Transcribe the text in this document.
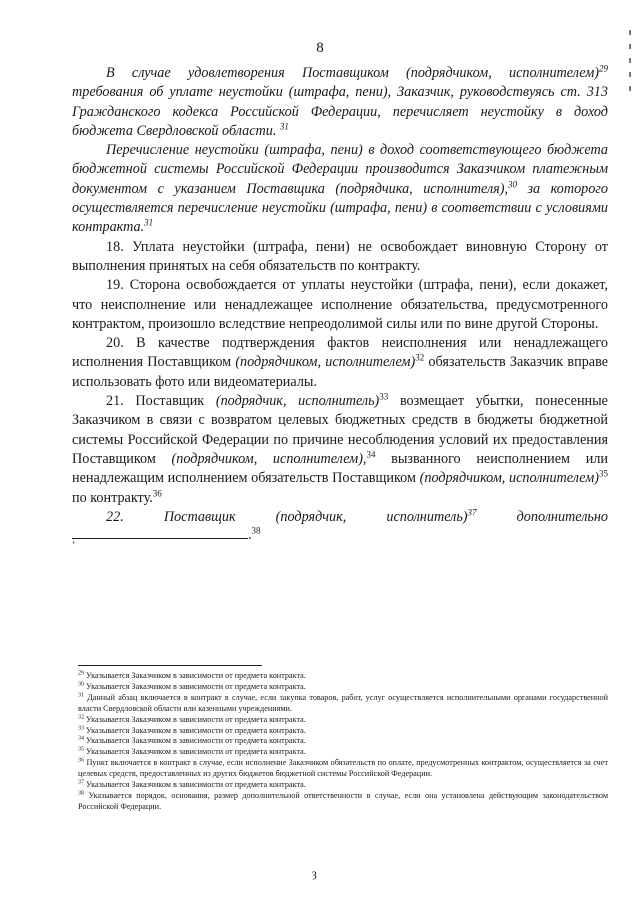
8

В случае удовлетворения Поставщиком (подрядчиком, исполнителем)$^{29}$ требования об уплате неустойки (штрафа, пени), Заказчик, руководствуясь ст. 313 Гражданского кодекса Российской Федерации, перечисляет неустойку в доход бюджета Свердловской области. $^{31}$

Перечисление неустойки (штрафа, пени) в доход соответствующего бюджета бюджетной системы Российской Федерации производится Заказчиком платежным документом с указанием Поставщика (подрядчика, исполнителя),$^{30}$ за которого осуществляется перечисление неустойки (штрафа, пени) в соответствии с условиями контракта.$^{31}$

18. Уплата неустойки (штрафа, пени) не освобождает виновную Сторону от выполнения принятых на себя обязательств по контракту.

19. Сторона освобождается от уплаты неустойки (штрафа, пени), если докажет, что неисполнение или ненадлежащее исполнение обязательства, предусмотренного контрактом, произошло вследствие непреодолимой силы или по вине другой Стороны.

20. В качестве подтверждения фактов неисполнения или ненадлежащего исполнения Поставщиком (подрядчиком, исполнителем)$^{32}$ обязательств Заказчик вправе использовать фото или видеоматериалы.

21. Поставщик (подрядчик, исполнитель)$^{33}$ возмещает убытки, понесенные Заказчиком в связи с возвратом целевых бюджетных средств в бюджеты бюджетной системы Российской Федерации по причине несоблюдения условий их предоставления Поставщиком (подрядчиком, исполнителем),$^{34}$ вызванного неисполнением или ненадлежащим исполнением обязательств Поставщиком (подрядчиком, исполнителем)$^{35}$ по контракту.$^{36}$

22. Поставщик (подрядчик, исполнитель)$^{37}$ дополнительно

.$^{38}$

‘
$^{29}$ Указывается Заказчиком в зависимости от предмета контракта.
$^{30}$ Указывается Заказчиком в зависимости от предмета контракта.
$^{31}$ Данный абзац включается в контракт в случае, если закупка товаров, работ, услуг осуществляется исполнительными органами государственной власти Свердловской области или казенными учреждениями.
$^{32}$ Указывается Заказчиком в зависимости от предмета контракта.
$^{33}$ Указывается Заказчиком в зависимости от предмета контракта.
$^{34}$ Указывается Заказчиком в зависимости от предмета контракта.
$^{35}$ Указывается Заказчиком в зависимости от предмета контракта.
$^{36}$ Пункт включается в контракт в случае, если исполнение Заказчиком обязательств по оплате, предусмотренных контрактом, осуществляется за счет целевых средств, предоставленных из других бюджетов бюджетной системы Российской Федерации.
$^{37}$ Указывается Заказчиком в зависимости от предмета контракта.
$^{38}$ Указывается порядок, основания, размер дополнительной ответственности в случае, если она установлена действующим законодательством Российской Федерации.
ȝ
